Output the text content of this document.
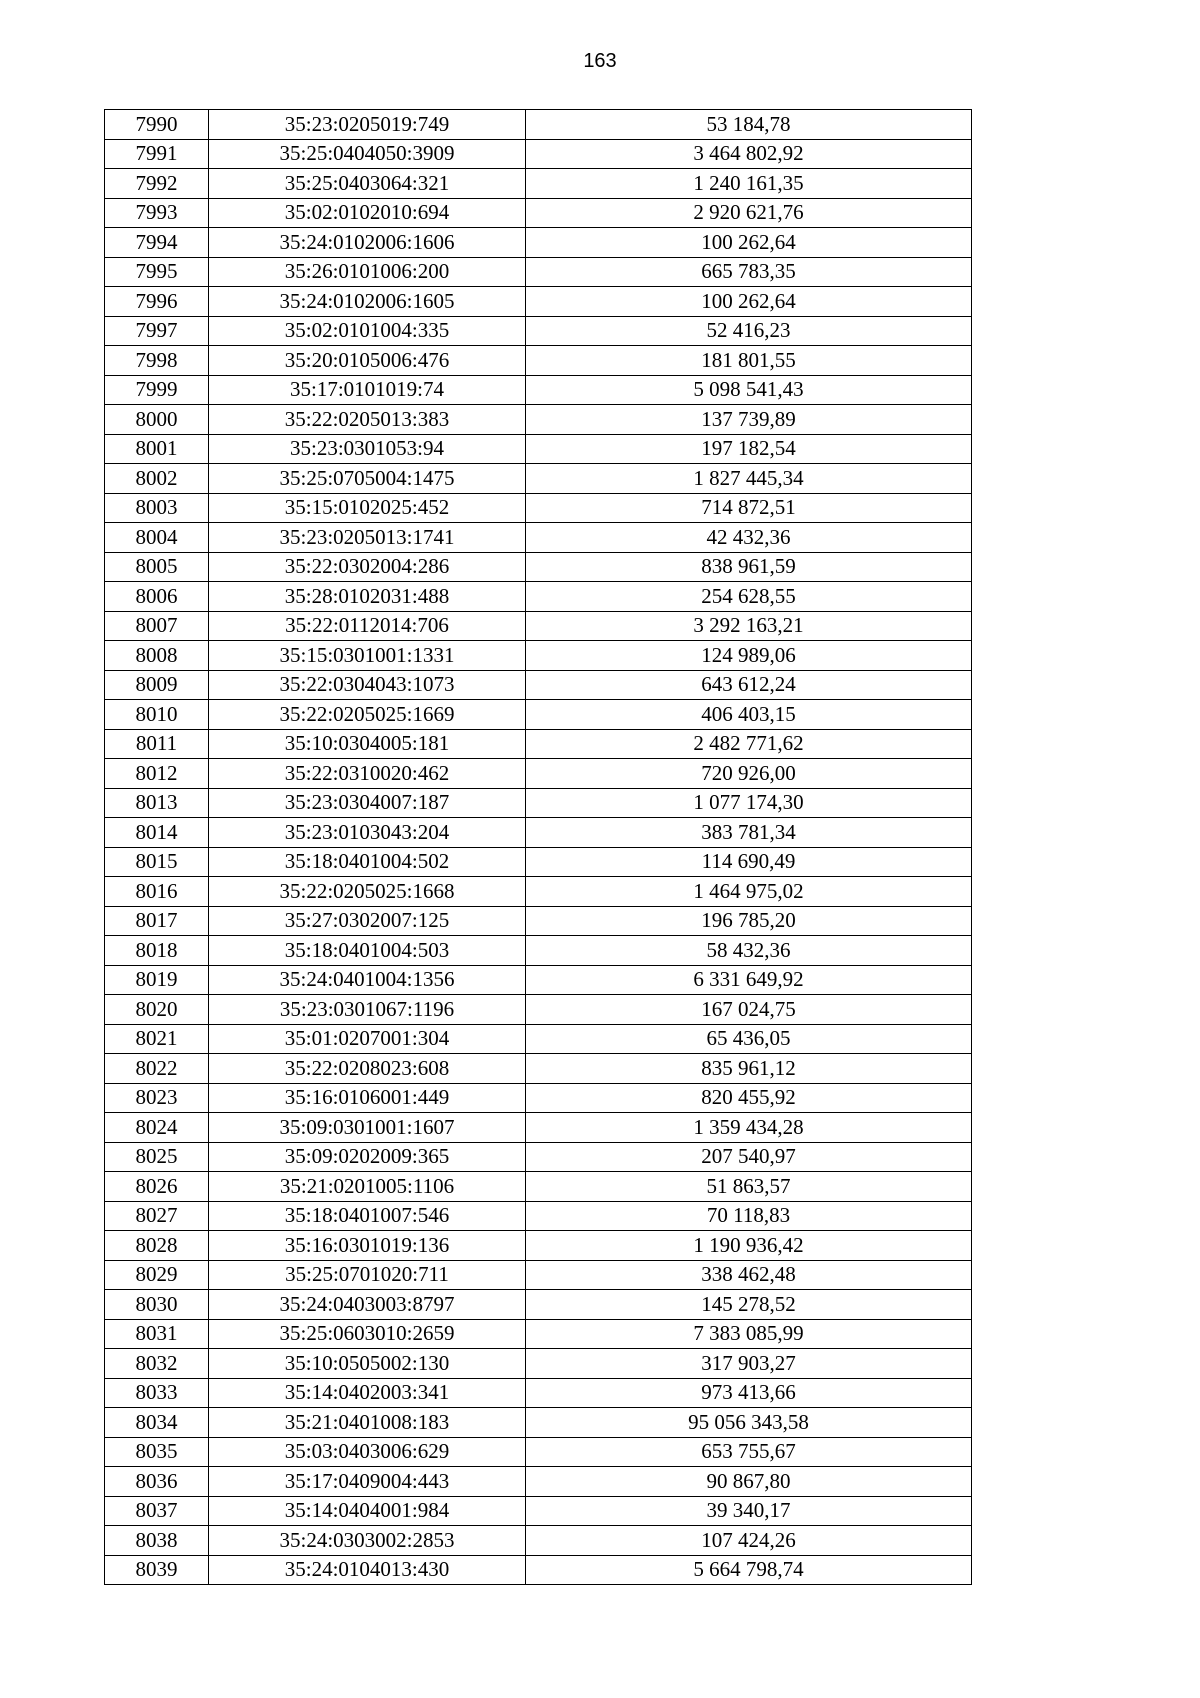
163
7990	35:23:0205019:749	53 184,78
7991	35:25:0404050:3909	3 464 802,92
7992	35:25:0403064:321	1 240 161,35
7993	35:02:0102010:694	2 920 621,76
7994	35:24:0102006:1606	100 262,64
7995	35:26:0101006:200	665 783,35
7996	35:24:0102006:1605	100 262,64
7997	35:02:0101004:335	52 416,23
7998	35:20:0105006:476	181 801,55
7999	35:17:0101019:74	5 098 541,43
8000	35:22:0205013:383	137 739,89
8001	35:23:0301053:94	197 182,54
8002	35:25:0705004:1475	1 827 445,34
8003	35:15:0102025:452	714 872,51
8004	35:23:0205013:1741	42 432,36
8005	35:22:0302004:286	838 961,59
8006	35:28:0102031:488	254 628,55
8007	35:22:0112014:706	3 292 163,21
8008	35:15:0301001:1331	124 989,06
8009	35:22:0304043:1073	643 612,24
8010	35:22:0205025:1669	406 403,15
8011	35:10:0304005:181	2 482 771,62
8012	35:22:0310020:462	720 926,00
8013	35:23:0304007:187	1 077 174,30
8014	35:23:0103043:204	383 781,34
8015	35:18:0401004:502	114 690,49
8016	35:22:0205025:1668	1 464 975,02
8017	35:27:0302007:125	196 785,20
8018	35:18:0401004:503	58 432,36
8019	35:24:0401004:1356	6 331 649,92
8020	35:23:0301067:1196	167 024,75
8021	35:01:0207001:304	65 436,05
8022	35:22:0208023:608	835 961,12
8023	35:16:0106001:449	820 455,92
8024	35:09:0301001:1607	1 359 434,28
8025	35:09:0202009:365	207 540,97
8026	35:21:0201005:1106	51 863,57
8027	35:18:0401007:546	70 118,83
8028	35:16:0301019:136	1 190 936,42
8029	35:25:0701020:711	338 462,48
8030	35:24:0403003:8797	145 278,52
8031	35:25:0603010:2659	7 383 085,99
8032	35:10:0505002:130	317 903,27
8033	35:14:0402003:341	973 413,66
8034	35:21:0401008:183	95 056 343,58
8035	35:03:0403006:629	653 755,67
8036	35:17:0409004:443	90 867,80
8037	35:14:0404001:984	39 340,17
8038	35:24:0303002:2853	107 424,26
8039	35:24:0104013:430	5 664 798,74
